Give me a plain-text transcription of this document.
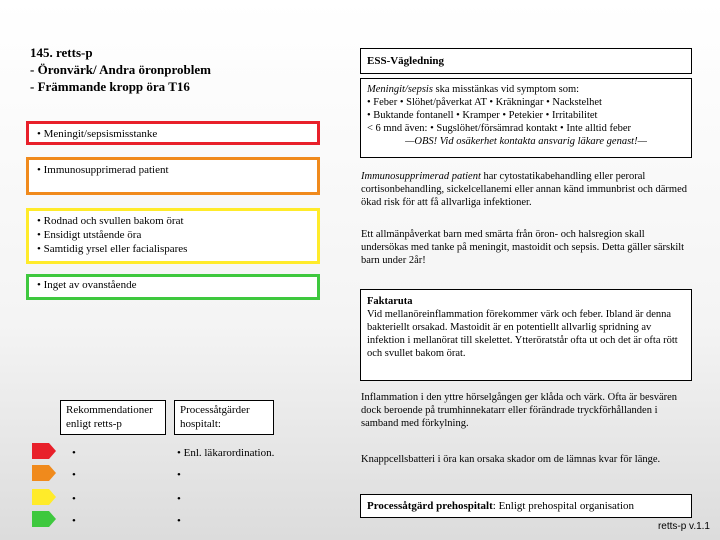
145. retts-p
- Öronvärk/ Andra öronproblem
- Främmande kropp öra T16
• Meningit/sepsismisstanke
• Immunosupprimerad patient
• Rodnad och svullen bakom örat
• Ensidigt utstående öra
• Samtidig yrsel eller facialispares
• Inget av ovanstående
ESS-Vägledning
Meningit/sepsis ska misstänkas vid symptom som:
• Feber • Slöhet/påverkat AT • Kräkningar • Nackstelhet
• Buktande fontanell • Kramper • Petekier • Irritabilitet
< 6 mnd även: • Sugslöhet/försämrad kontakt • Inte alltid feber
—OBS! Vid osäkerhet kontakta ansvarig läkare genast!—
Immunosupprimerad patient har cytostatikabehandling eller peroral cortisonbehandling, sickelcellanemi eller annan känd immunbrist och därmed ökad risk för att få allvarliga infektioner.
Ett allmänpåverkat barn med smärta från öron- och halsregion skall undersökas med tanke på meningit, mastoidit och sepsis. Detta gäller särskilt barn under 2år!
Faktaruta
Vid mellanöreinflammation förekommer värk och feber. Ibland är denna bakteriellt orsakad. Mastoidit är en potentiellt allvarlig spridning av infektion i mellanörat till skelettet. Ytteröratstår ofta ut och det är ofta rött och svullet bakom örat.
Inflammation i den yttre hörselgången ger klåda och värk. Ofta är besvären dock beroende på trumhinnekatarr eller förändrade tryckförhållanden i samband med förkylning.
Knappcellsbatteri i öra kan orsaka skador om de lämnas kvar för länge.
Processåtgärd prehospitalt: Enligt prehospital organisation
Rekommendationer enligt retts-p
Processåtgärder hospitalt:
•
•
•
•
• Enl. läkarordination.
•
•
•	retts-p v.1.1
